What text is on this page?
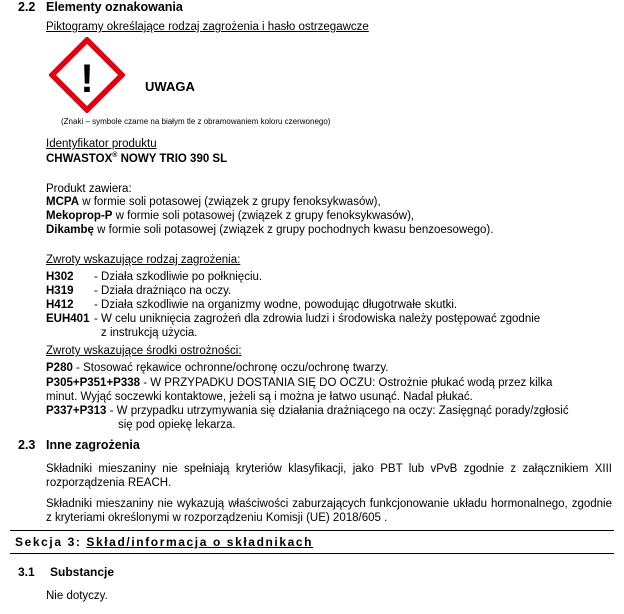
2.2 Elementy oznakowania
Piktogramy określające rodzaj zagrożenia i hasło ostrzegawcze
!	UWAGA
(Znaki – symbole czarne na białym tle z obramowaniem koloru czerwonego)
Identyfikator produktu
CHWASTOX® NOWY TRIO 390 SL
Produkt zawiera:
MCPA w formie soli potasowej (związek z grupy fenoksykwasów),
Mekoprop-P w formie soli potasowej (związek z grupy fenoksykwasów),
Dikambę w formie soli potasowej (związek z grupy pochodnych kwasu benzoesowego).
Zwroty wskazujące rodzaj zagrożenia:
H302 - Działa szkodliwie po połknięciu.
H319 - Działa drażniąco na oczy.
H412 - Działa szkodliwie na organizmy wodne, powodując długotrwałe skutki.
EUH401 - W celu uniknięcia zagrożeń dla zdrowia ludzi i środowiska należy postępować zgodnie
z instrukcją użycia.
Zwroty wskazujące środki ostrożności:
P280 - Stosować rękawice ochronne/ochronę oczu/ochronę twarzy.
P305+P351+P338 - W PRZYPADKU DOSTANIA SIĘ DO OCZU: Ostrożnie płukać wodą przez kilka
minut. Wyjąć soczewki kontaktowe, jeżeli są i można je łatwo usunąć. Nadal płukać.
P337+P313 - W przypadku utrzymywania się działania drażniącego na oczy: Zasięgnąć porady/zgłosić
się pod opiekę lekarza.
2.3 Inne zagrożenia
Składniki mieszaniny nie spełniają kryteriów klasyfikacji, jako PBT lub vPvB zgodnie z załącznikiem XIII rozporządzenia REACH.
Składniki mieszaniny nie wykazują właściwości zaburzających funkcjonowanie układu hormonalnego, zgodnie z kryteriami określonymi w rozporządzeniu Komisji (UE) 2018/605 .
Sekcja 3: Skład/informacja o składnikach
3.1 Substancje
Nie dotyczy.
